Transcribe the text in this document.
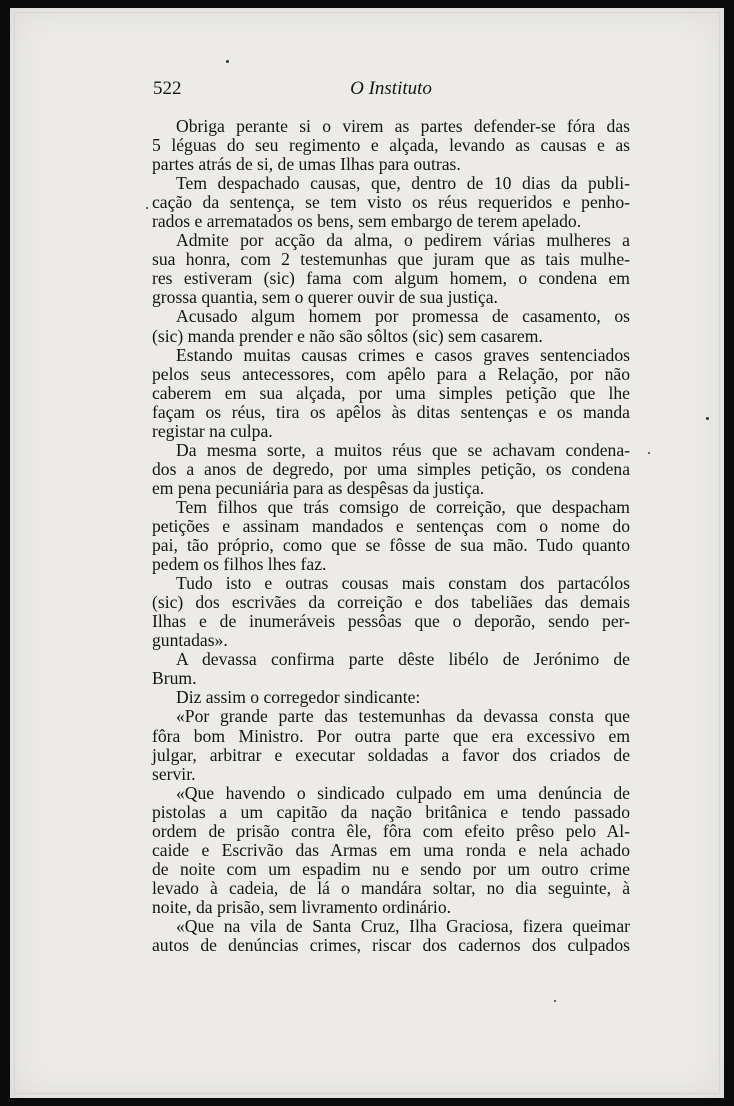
522	O Instituto
Obriga perante si o virem as partes defender-se fóra das
5 léguas do seu regimento e alçada, levando as causas e as
partes atrás de si, de umas Ilhas para outras.
Tem despachado causas, que, dentro de 10 dias da publi-
cação da sentença, se tem visto os réus requeridos e penho-
rados e arrematados os bens, sem embargo de terem apelado.
Admite por acção da alma, o pedirem várias mulheres a
sua honra, com 2 testemunhas que juram que as tais mulhe-
res estiveram (sic) fama com algum homem, o condena em
grossa quantia, sem o querer ouvir de sua justiça.
Acusado algum homem por promessa de casamento, os
(sic) manda prender e não são sôltos (sic) sem casarem.
Estando muitas causas crimes e casos graves sentenciados
pelos seus antecessores, com apêlo para a Relação, por não
caberem em sua alçada, por uma simples petição que lhe
façam os réus, tira os apêlos às ditas sentenças e os manda
registar na culpa.
Da mesma sorte, a muitos réus que se achavam condena-
dos a anos de degredo, por uma simples petição, os condena
em pena pecuniária para as despêsas da justiça.
Tem filhos que trás comsigo de correição, que despacham
petições e assinam mandados e sentenças com o nome do
pai, tão próprio, como que se fôsse de sua mão. Tudo quanto
pedem os filhos lhes faz.
Tudo isto e outras cousas mais constam dos partacólos
(sic) dos escrivães da correição e dos tabeliães das demais
Ilhas e de inumeráveis pessôas que o deporão, sendo per-
guntadas».
A devassa confirma parte dêste libélo de Jerónimo de
Brum.
Diz assim o corregedor sindicante:
«Por grande parte das testemunhas da devassa consta que
fôra bom Ministro. Por outra parte que era excessivo em
julgar, arbitrar e executar soldadas a favor dos criados de
servir.
«Que havendo o sindicado culpado em uma denúncia de
pistolas a um capitão da nação britânica e tendo passado
ordem de prisão contra êle, fôra com efeito prêso pelo Al-
caide e Escrivão das Armas em uma ronda e nela achado
de noite com um espadim nu e sendo por um outro crime
levado à cadeia, de lá o mandára soltar, no dia seguinte, à
noite, da prisão, sem livramento ordinário.
«Que na vila de Santa Cruz, Ilha Graciosa, fizera queimar
autos de denúncias crimes, riscar dos cadernos dos culpados
